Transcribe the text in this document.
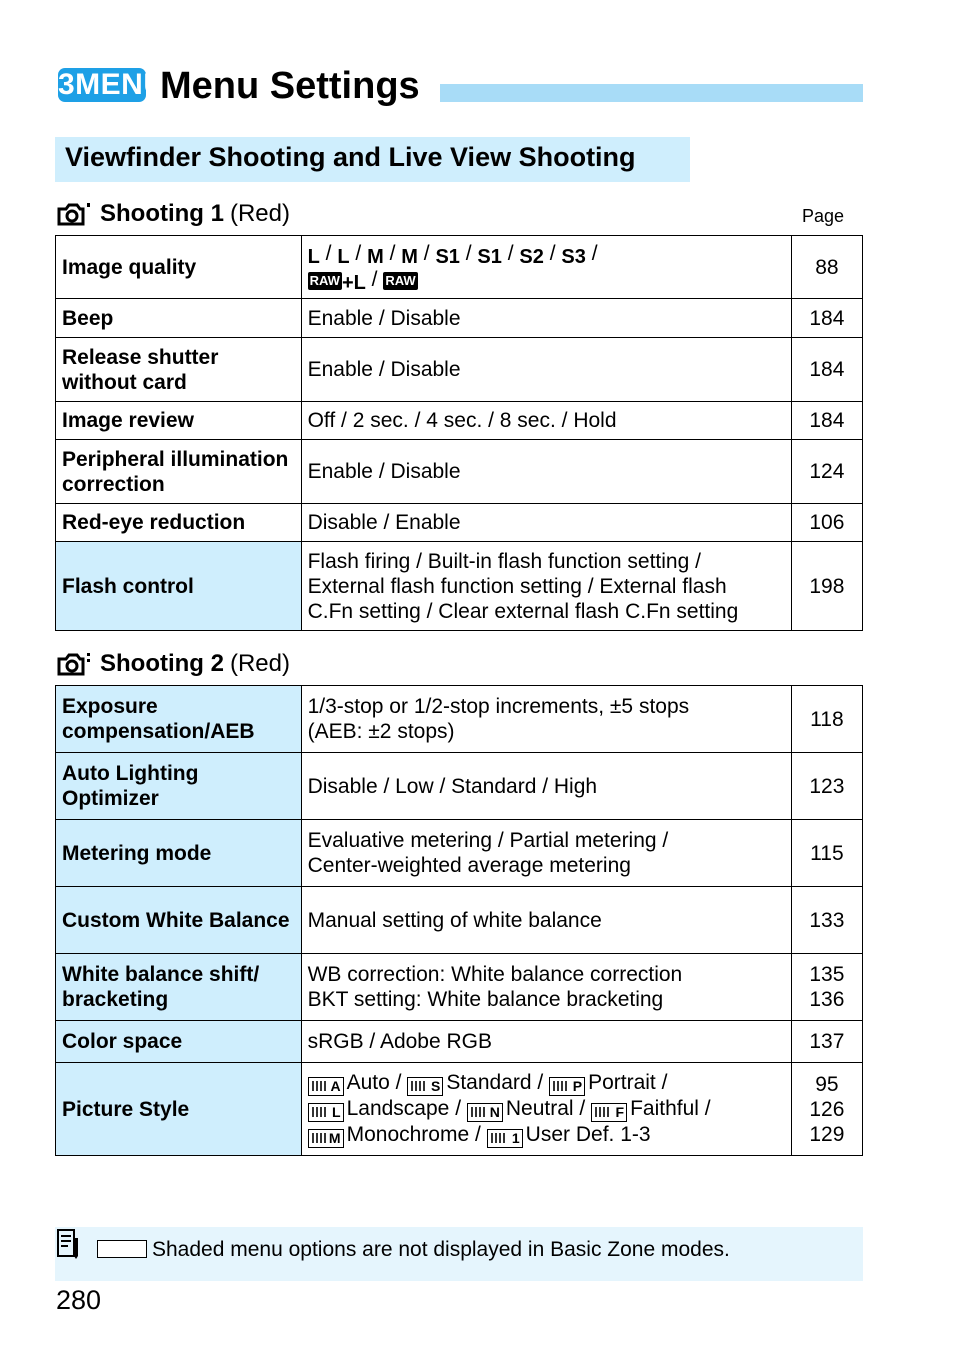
3MENU
Menu Settings
Viewfinder Shooting and Live View Shooting
Shooting 1 (Red)	Page
Image quality	L / L / M / M / S1 / S1 / S2 / S3 /
RAW +L / RAW	88

Beep	Enable / Disable	184

Release shutter without card	Enable / Disable	184

Image review	Off / 2 sec. / 4 sec. / 8 sec. / Hold	184

Peripheral illumination correction	Enable / Disable	124

Red-eye reduction	Disable / Enable	106

Flash control	Flash firing / Built-in flash function setting /
External flash function setting / External flash
C.Fn setting / Clear external flash C.Fn setting	198
Shooting 2 (Red)
Exposure compensation/AEB	1/3-stop or 1/2-stop increments, ±5 stops
(AEB: ±2 stops)	118

Auto Lighting Optimizer	Disable / Low / Standard / High	123

Metering mode	Evaluative metering / Partial metering /
Center-weighted average metering	115

Custom White Balance	Manual setting of white balance	133

White balance shift/ bracketing	WB correction: White balance correction
BKT setting: White balance bracketing	135
136

Color space	sRGB / Adobe RGB	137

Picture Style	A Auto / S Standard / P Portrait /
L Landscape / N Neutral / F Faithful /
M Monochrome / 1 User Def. 1-3	95
126
129
Shaded menu options are not displayed in Basic Zone modes.
280
